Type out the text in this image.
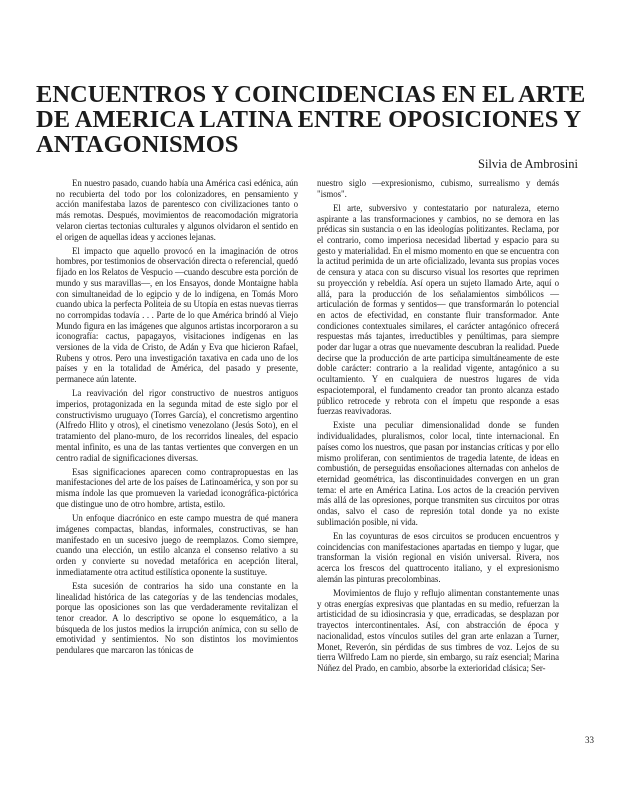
ENCUENTROS Y COINCIDENCIAS EN EL ARTE DE AMERICA LATINA ENTRE OPOSICIONES Y ANTAGONISMOS

Silvia de Ambrosini

En nuestro pasado, cuando había una América casi edénica, aún no recubierta del todo por los colonizadores, en pensamiento y acción manifestaba lazos de parentesco con civilizaciones tanto o más remotas. Después, movimientos de reacomodación migratoria velaron ciertas tectonias culturales y algunos olvidaron el sentido en el origen de aquellas ideas y acciones lejanas.

El impacto que aquello provocó en la imaginación de otros hombres, por testimonios de observación directa o referencial, quedó fijado en los Relatos de Vespucio —cuando descubre esta porción de mundo y sus maravillas—, en los Ensayos, donde Montaigne habla con simultaneidad de lo egipcio y de lo indígena, en Tomás Moro cuando ubica la perfecta Politeia de su Utopía en estas nuevas tierras no corrompidas todavía . . . Parte de lo que América brindó al Viejo Mundo figura en las imágenes que algunos artistas incorporaron a su iconografía: cactus, papagayos, visitaciones indígenas en las versiones de la vida de Cristo, de Adán y Eva que hicieron Rafael, Rubens y otros. Pero una investigación taxativa en cada uno de los países y en la totalidad de América, del pasado y presente, permanece aún latente.

La reavivación del rigor constructivo de nuestros antiguos imperios, protagonizada en la segunda mitad de este siglo por el constructivismo uruguayo (Torres García), el concretismo argentino (Alfredo Hlito y otros), el cinetismo venezolano (Jesús Soto), en el tratamiento del plano-muro, de los recorridos lineales, del espacio mental infinito, es una de las tantas vertientes que convergen en un centro radial de significaciones diversas.

Esas significaciones aparecen como contrapropuestas en las manifestaciones del arte de los países de Latinoamérica, y son por su misma índole las que promueven la variedad iconográfica-pictórica que distingue uno de otro hombre, artista, estilo.

Un enfoque diacrónico en este campo muestra de qué manera imágenes compactas, blandas, informales, constructivas, se han manifestado en un sucesivo juego de reemplazos. Como siempre, cuando una elección, un estilo alcanza el consenso relativo a su orden y convierte su novedad metafórica en acepción literal, inmediatamente otra actitud estilística oponente la sustituye.

Esta sucesión de contrarios ha sido una constante en la linealidad histórica de las categorías y de las tendencias modales, porque las oposiciones son las que verdaderamente revitalizan el tenor creador. A lo descriptivo se opone lo esquemático, a la búsqueda de los justos medios la irrupción anímica, con su sello de emotividad y sentimientos. No son distintos los movimientos pendulares que marcaron las tónicas de

nuestro siglo —expresionismo, cubismo, surrealismo y demás "ismos".

El arte, subversivo y contestatario por naturaleza, eterno aspirante a las transformaciones y cambios, no se demora en las prédicas sin sustancia o en las ideologías politizantes. Reclama, por el contrario, como imperiosa necesidad libertad y espacio para su gesto y materialidad. En el mismo momento en que se encuentra con la actitud perimida de un arte oficializado, levanta sus propias voces de censura y ataca con su discurso visual los resortes que reprimen su proyección y rebeldía. Así opera un sujeto llamado Arte, aquí o allá, para la producción de los señalamientos simbólicos —articulación de formas y sentidos— que transformarán lo potencial en actos de efectividad, en constante fluir transformador. Ante condiciones contextuales similares, el carácter antagónico ofrecerá respuestas más tajantes, irreductibles y penúltimas, para siempre poder dar lugar a otras que nuevamente descubran la realidad. Puede decirse que la producción de arte participa simultáneamente de este doble carácter: contrario a la realidad vigente, antagónico a su ocultamiento. Y en cualquiera de nuestros lugares de vida espaciotemporal, el fundamento creador tan pronto alcanza estado público retrocede y rebrota con el ímpetu que responde a esas fuerzas reavivadoras.

Existe una peculiar dimensionalidad donde se funden individualidades, pluralismos, color local, tinte internacional. En países como los nuestros, que pasan por instancias críticas y por ello mismo proliferan, con sentimientos de tragedia latente, de ideas en combustión, de perseguidas ensoñaciones alternadas con anhelos de eternidad geométrica, las discontinuidades convergen en un gran tema: el arte en América Latina. Los actos de la creación perviven más allá de las opresiones, porque transmiten sus circuitos por otras ondas, salvo el caso de represión total donde ya no existe sublimación posible, ni vida.

En las coyunturas de esos circuitos se producen encuentros y coincidencias con manifestaciones apartadas en tiempo y lugar, que transforman la visión regional en visión universal. Rivera, nos acerca los frescos del quattrocento italiano, y el expresionismo alemán las pinturas precolombinas.

Movimientos de flujo y reflujo alimentan constantemente unas y otras energías expresivas que plantadas en su medio, refuerzan la artisticidad de su idiosincrasia y que, erradicadas, se desplazan por trayectos intercontinentales. Así, con abstracción de época y nacionalidad, estos vínculos sutiles del gran arte enlazan a Turner, Monet, Reverón, sin pérdidas de sus timbres de voz. Lejos de su tierra Wilfredo Lam no pierde, sin embargo, su raíz esencial; Marina Núñez del Prado, en cambio, absorbe la exterioridad clásica; Ser-

33
